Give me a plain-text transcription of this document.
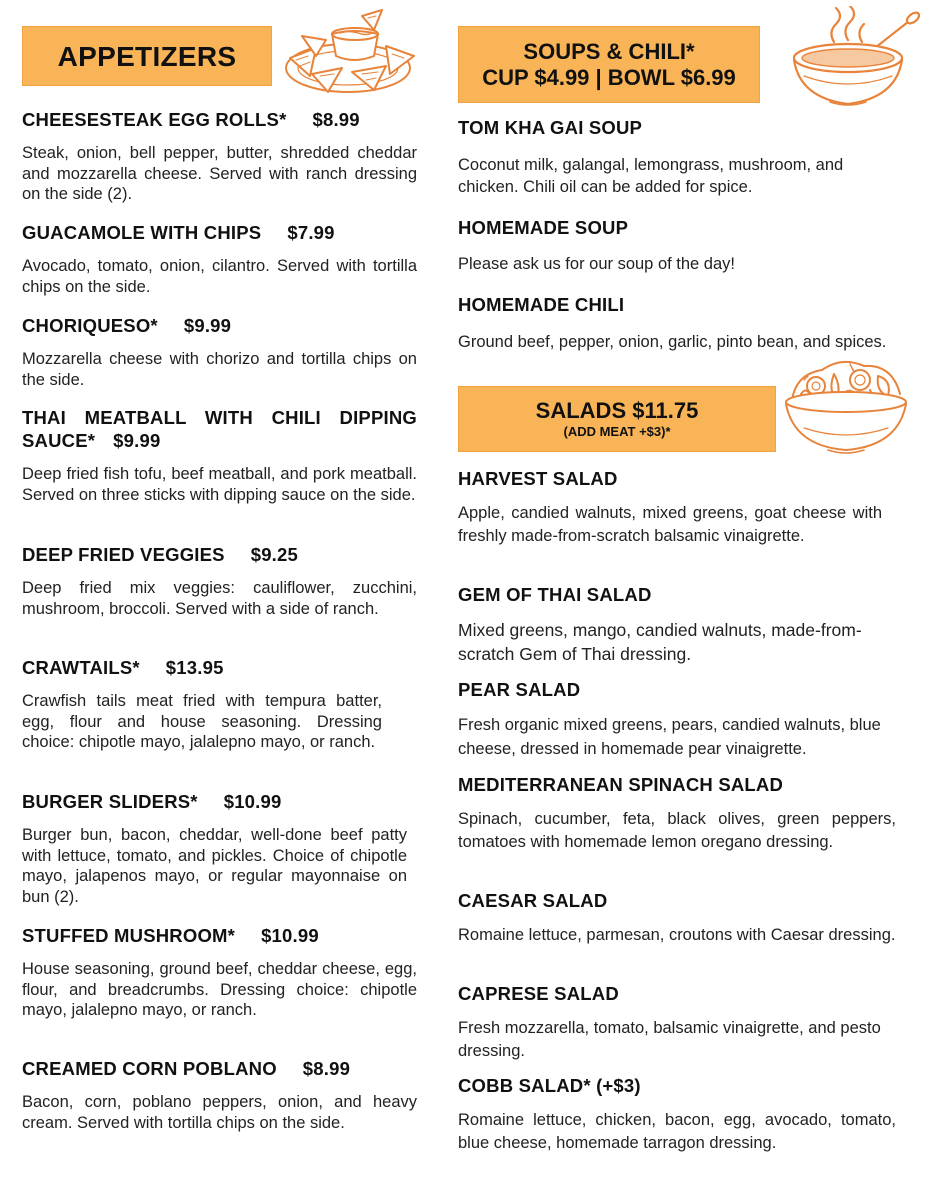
APPETIZERS
CHEESESTEAK EGG ROLLS* $8.99
Steak, onion, bell pepper, butter, shredded cheddar and mozzarella cheese. Served with ranch dressing on the side (2).
GUACAMOLE WITH CHIPS $7.99
Avocado, tomato, onion, cilantro. Served with tortilla chips on the side.
CHORIQUESO* $9.99
Mozzarella cheese with chorizo and tortilla chips on the side.
THAI MEATBALL WITH CHILI DIPPING SAUCE* $9.99
Deep fried fish tofu, beef meatball, and pork meatball. Served on three sticks with dipping sauce on the side.
DEEP FRIED VEGGIES $9.25
Deep fried mix veggies: cauliflower, zucchini, mushroom, broccoli. Served with a side of ranch.
CRAWTAILS* $13.95
Crawfish tails meat fried with tempura batter, egg, flour and house seasoning. Dressing choice: chipotle mayo, jalalepno mayo, or ranch.
BURGER SLIDERS* $10.99
Burger bun, bacon, cheddar, well-done beef patty with lettuce, tomato, and pickles. Choice of chipotle mayo, jalapenos mayo, or regular mayonnaise on bun (2).
STUFFED MUSHROOM* $10.99
House seasoning, ground beef, cheddar cheese, egg, flour, and breadcrumbs. Dressing choice: chipotle mayo, jalalepno mayo, or ranch.
CREAMED CORN POBLANO $8.99
Bacon, corn, poblano peppers, onion, and heavy cream. Served with tortilla chips on the side.
SOUPS & CHILI*
CUP $4.99 | BOWL $6.99
TOM KHA GAI SOUP
Coconut milk, galangal, lemongrass, mushroom, and chicken. Chili oil can be added for spice.
HOMEMADE SOUP
Please ask us for our soup of the day!
HOMEMADE CHILI
Ground beef, pepper, onion, garlic, pinto bean, and spices.
SALADS $11.75
(ADD MEAT +$3)*
HARVEST SALAD
Apple, candied walnuts, mixed greens, goat cheese with freshly made-from-scratch balsamic vinaigrette.
GEM OF THAI SALAD
Mixed greens, mango, candied walnuts, made-from-scratch Gem of Thai dressing.
PEAR SALAD
Fresh organic mixed greens, pears, candied walnuts, blue cheese, dressed in homemade pear vinaigrette.
MEDITERRANEAN SPINACH SALAD
Spinach, cucumber, feta, black olives, green peppers, tomatoes with homemade lemon oregano dressing.
CAESAR SALAD
Romaine lettuce, parmesan, croutons with Caesar dressing.
CAPRESE SALAD
Fresh mozzarella, tomato, balsamic vinaigrette, and pesto dressing.
COBB SALAD* (+$3)
Romaine lettuce, chicken, bacon, egg, avocado, tomato, blue cheese, homemade tarragon dressing.
